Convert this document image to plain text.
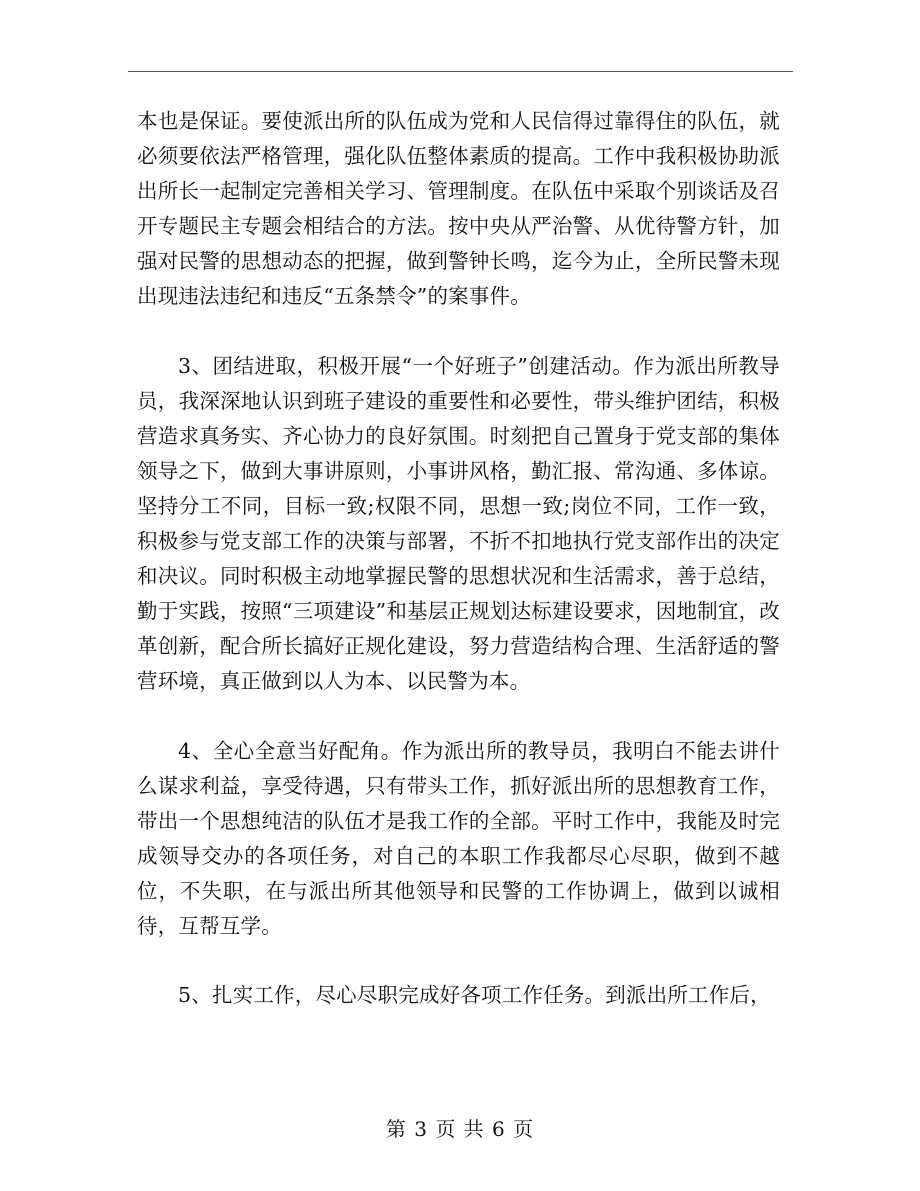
本也是保证。要使派出所的队伍成为党和人民信得过靠得住的队伍，就必须要依法严格管理，强化队伍整体素质的提高。工作中我积极协助派出所长一起制定完善相关学习、管理制度。在队伍中采取个别谈话及召开专题民主专题会相结合的方法。按中央从严治警、从优待警方针，加强对民警的思想动态的把握，做到警钟长鸣，迄今为止，全所民警未现出现违法违纪和违反“五条禁令”的案事件。

3、团结进取，积极开展“一个好班子”创建活动。作为派出所教导员，我深深地认识到班子建设的重要性和必要性，带头维护团结，积极营造求真务实、齐心协力的良好氛围。时刻把自己置身于党支部的集体领导之下，做到大事讲原则，小事讲风格，勤汇报、常沟通、多体谅。坚持分工不同，目标一致;权限不同，思想一致;岗位不同，工作一致，积极参与党支部工作的决策与部署，不折不扣地执行党支部作出的决定和决议。同时积极主动地掌握民警的思想状况和生活需求，善于总结，勤于实践，按照“三项建设”和基层正规划达标建设要求，因地制宜，改革创新，配合所长搞好正规化建设，努力营造结构合理、生活舒适的警营环境，真正做到以人为本、以民警为本。

4、全心全意当好配角。作为派出所的教导员，我明白不能去讲什么谋求利益，享受待遇，只有带头工作，抓好派出所的思想教育工作，带出一个思想纯洁的队伍才是我工作的全部。平时工作中，我能及时完成领导交办的各项任务，对自己的本职工作我都尽心尽职，做到不越位，不失职，在与派出所其他领导和民警的工作协调上，做到以诚相待，互帮互学。

5、扎实工作，尽心尽职完成好各项工作任务。到派出所工作后，

第 3 页 共 6 页
